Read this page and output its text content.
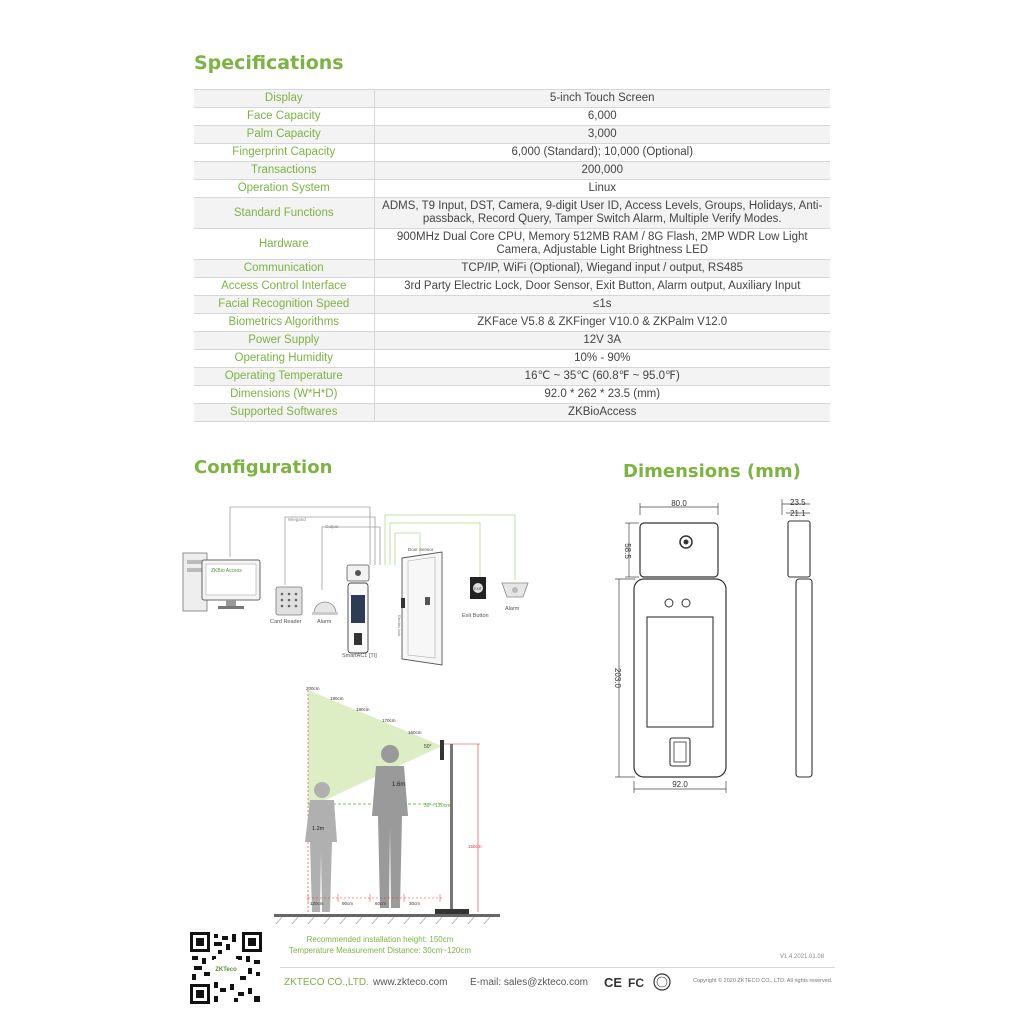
Specifications
Display	5-inch Touch Screen
Face Capacity	6,000
Palm Capacity	3,000
Fingerprint Capacity	6,000 (Standard); 10,000 (Optional)
Transactions	200,000
Operation System	Linux
Standard Functions	ADMS, T9 Input, DST, Camera, 9-digit User ID, Access Levels, Groups, Holidays, Anti-passback, Record Query, Tamper Switch Alarm, Multiple Verify Modes.
Hardware	900MHz Dual Core CPU, Memory 512MB RAM / 8G Flash, 2MP WDR Low Light Camera, Adjustable Light Brightness LED
Communication	TCP/IP, WiFi (Optional), Wiegand input / output, RS485
Access Control Interface	3rd Party Electric Lock, Door Sensor, Exit Button, Alarm output, Auxiliary Input
Facial Recognition Speed	≤1s
Biometrics Algorithms	ZKFace V5.8 & ZKFinger V10.0 & ZKPalm V12.0
Power Supply	12V 3A
Operating Humidity	10% - 90%
Operating Temperature	16℃ ~ 35℃ (60.8℉ ~ 95.0℉)
Dimensions (W*H*D)	92.0 * 262 * 23.5 (mm)
Supported Softwares	ZKBioAccess
Configuration	Dimensions (mm)
Wiegand
Output
Door Sensor
ZKBio Access
Card Reader	Alarm
SmartAC1 [TI]
Electric lock
EXIT
Exit Button
Alarm
30 ~ 120cm
200cm
190cm
180cm
170cm
160cm
50°
1.6m
1.2m
150cm
120cm	90cm	60cm	30cm
Recommended installation height: 150cm
Temperature Measurement Distance: 30cm~120cm
80.0
58.5
203.0
92.0
23.5
21.1
V1.4 2021.01.08
ZKTeco
ZKTECO CO.,LTD. www.zkteco.com E-mail: sales@zkteco.com CE FC	Copyright © 2020 ZKTECO CO., LTD. All rights reserved.
